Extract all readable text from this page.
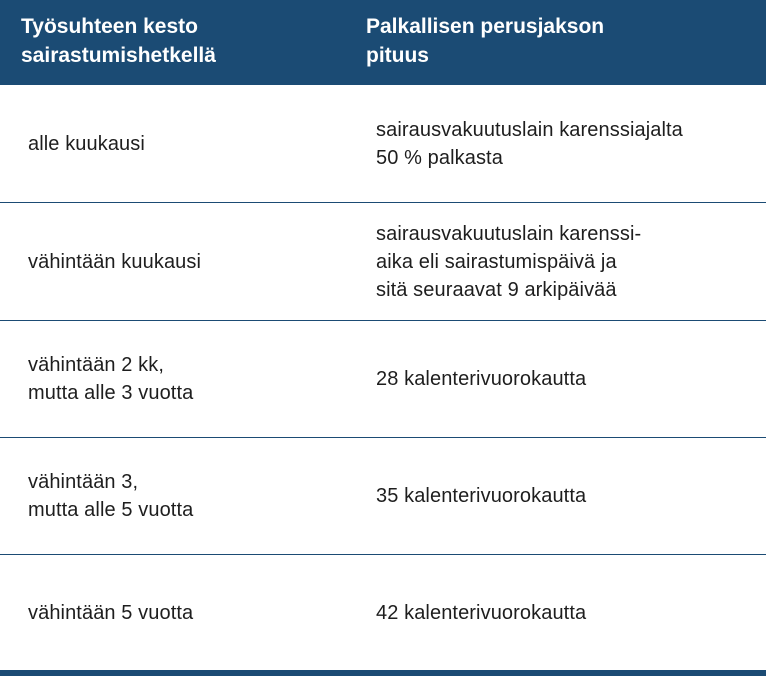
Työsuhteen kesto
sairastumishetkellä
Palkallisen perusjakson
pituus
alle kuukausi
sairausvakuutuslain karenssiajalta
50 % palkasta
vähintään kuukausi
sairausvakuutuslain karenssi-
aika eli sairastumispäivä ja
sitä seuraavat 9 arkipäivää
vähintään 2 kk,
mutta alle 3 vuotta
28 kalenterivuorokautta
vähintään 3,
mutta alle 5 vuotta
35 kalenterivuorokautta
vähintään 5 vuotta	42 kalenterivuorokautta
